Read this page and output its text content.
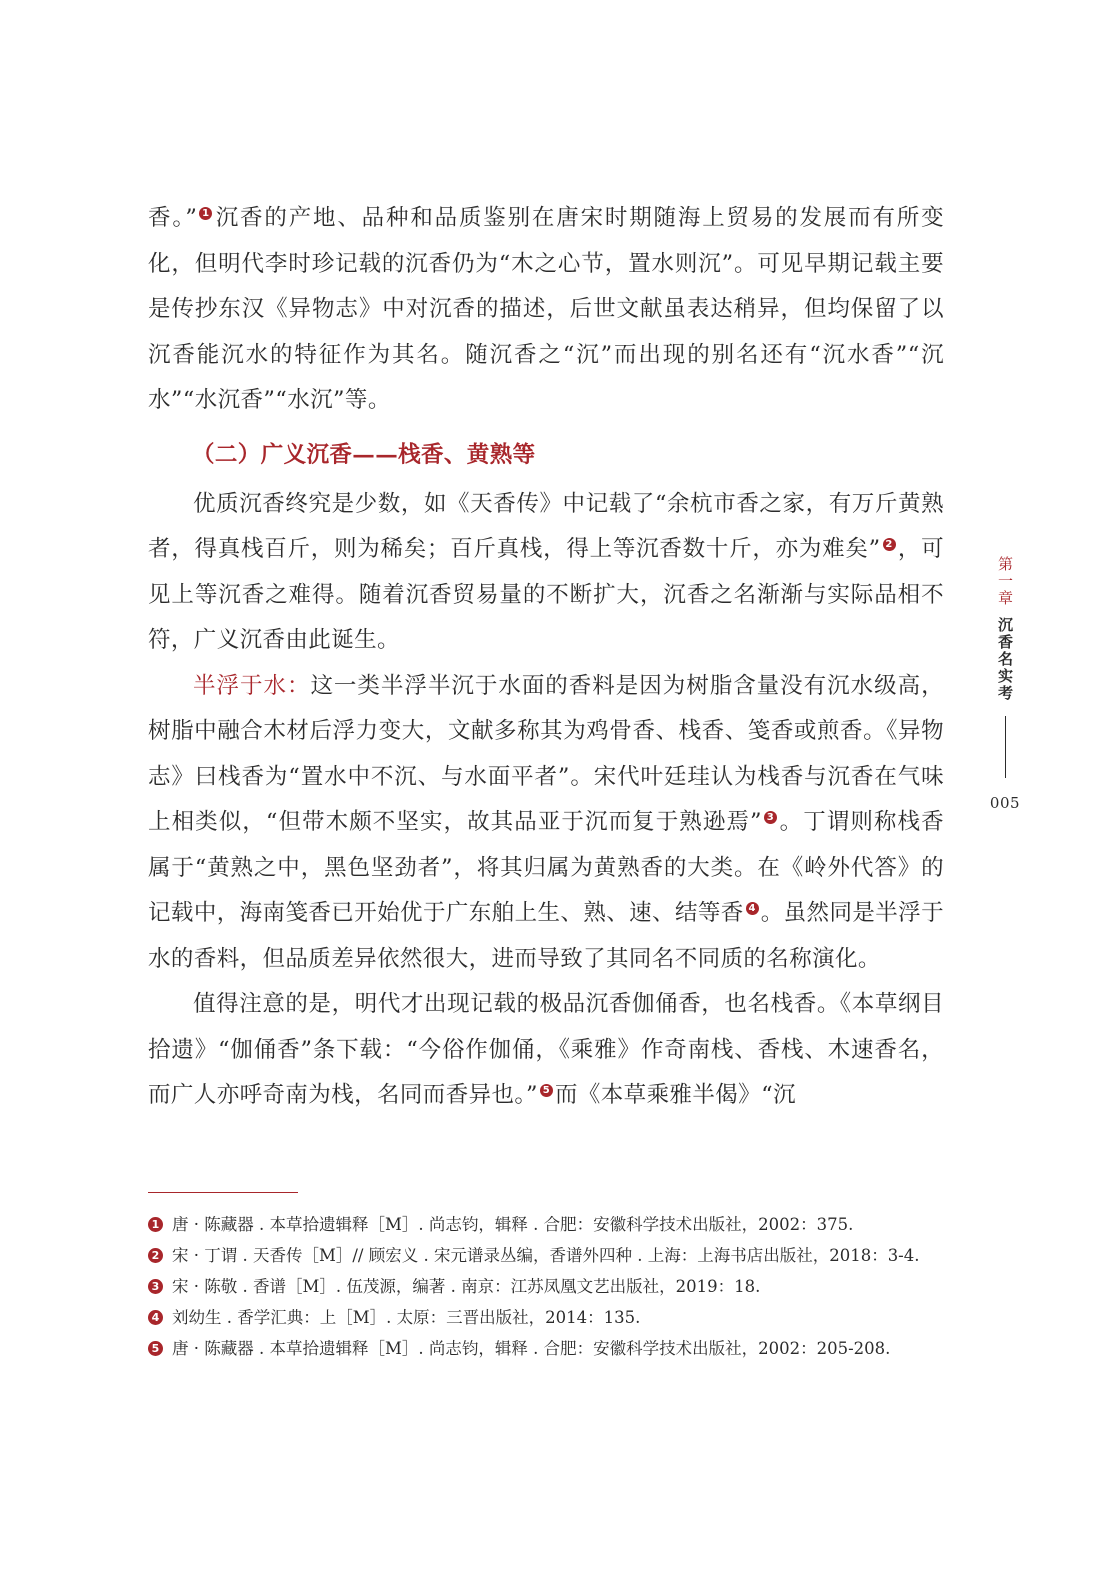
香。” 1 沉香的产地、品种和品质鉴别在唐宋时期随海上贸易的发展而有所变化，但明代李时珍记载的沉香仍为“木之心节，置水则沉”。可见早期记载主要是传抄东汉《异物志》中对沉香的描述，后世文献虽表达稍异，但均保留了以沉香能沉水的特征作为其名。随沉香之“沉”而出现的别名还有“沉水香”“沉水”“水沉香”“水沉”等。

（二）广义沉香——栈香、黄熟等

优质沉香终究是少数，如《天香传》中记载了“余杭市香之家，有万斤黄熟者，得真栈百斤，则为稀矣；百斤真栈，得上等沉香数十斤，亦为难矣” 2 ，可见上等沉香之难得。随着沉香贸易量的不断扩大，沉香之名渐渐与实际品相不符，广义沉香由此诞生。

半浮于水：这一类半浮半沉于水面的香料是因为树脂含量没有沉水级高，树脂中融合木材后浮力变大，文献多称其为鸡骨香、栈香、笺香或煎香。《异物志》曰栈香为“置水中不沉、与水面平者”。宋代叶廷珪认为栈香与沉香在气味上相类似，“但带木颇不坚实，故其品亚于沉而复于熟逊焉” 3 。丁谓则称栈香属于“黄熟之中，黑色坚劲者”，将其归属为黄熟香的大类。在《岭外代答》的记载中，海南笺香已开始优于广东舶上生、熟、速、结等香 4 。虽然同是半浮于水的香料，但品质差异依然很大，进而导致了其同名不同质的名称演化。

值得注意的是，明代才出现记载的极品沉香伽俑香，也名栈香。《本草纲目拾遗》“伽俑香”条下载：“今俗作伽俑，《乘雅》作奇南栈、香栈、木速香名，而广人亦呼奇南为栈，名同而香异也。” 5 而《本草乘雅半偈》“沉

第一章
沉香名实考
005
1 唐 · 陈藏器 . 本草拾遗辑释［M］. 尚志钧，辑释 . 合肥：安徽科学技术出版社，2002：375.
2 宋 · 丁谓 . 天香传［M］// 顾宏义 . 宋元谱录丛编，香谱外四种 . 上海：上海书店出版社，2018：3-4.
3 宋 · 陈敬 . 香谱［M］. 伍茂源，编著 . 南京：江苏凤凰文艺出版社，2019：18.
4 刘幼生 . 香学汇典：上［M］. 太原：三晋出版社，2014：135.
5 唐 · 陈藏器 . 本草拾遗辑释［M］. 尚志钧，辑释 . 合肥：安徽科学技术出版社，2002：205-208.
